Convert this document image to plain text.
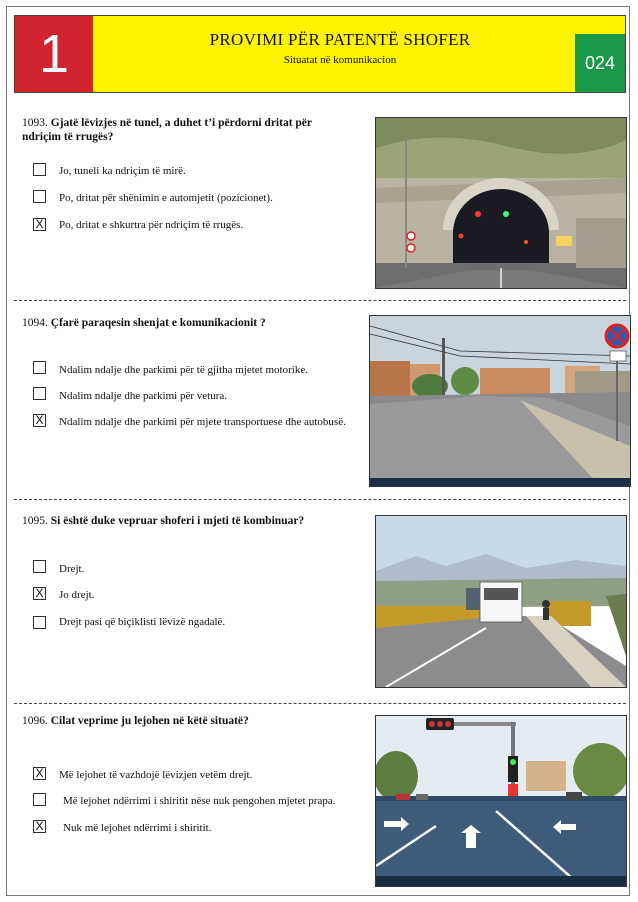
1	PROVIMI PËR PATENTË SHOFER
Situatat në komunikacion	024
1093. Gjatë lëvizjes në tunel, a duhet t’i përdorni dritat për ndriçim të rrugës?
Jo, tuneli ka ndriçim të mirë.
Po, dritat për shënimin e automjetit (pozicionet).
X Po, dritat e shkurtra për ndriçim të rrugës.
1094. Çfarë paraqesin shenjat e komunikacionit ?
Ndalim ndalje dhe parkimi për të gjitha mjetet motorike.
Ndalim ndalje dhe parkimi për vetura.
X Ndalim ndalje dhe parkimi për mjete transportuese dhe autobusë.
1095. Si është duke vepruar shoferi i mjeti të kombinuar?
Drejt.
X Jo drejt.
Drejt pasi që biçiklisti lëvizë ngadalë.
1096. Cilat veprime ju lejohen në këtë situatë?
X Më lejohet të vazhdojë lëvizjen vetëm drejt.
Më lejohet ndërrimi i shiritit nëse nuk pengohen mjetet prapa.
X Nuk më lejohet ndërrimi i shiritit.
